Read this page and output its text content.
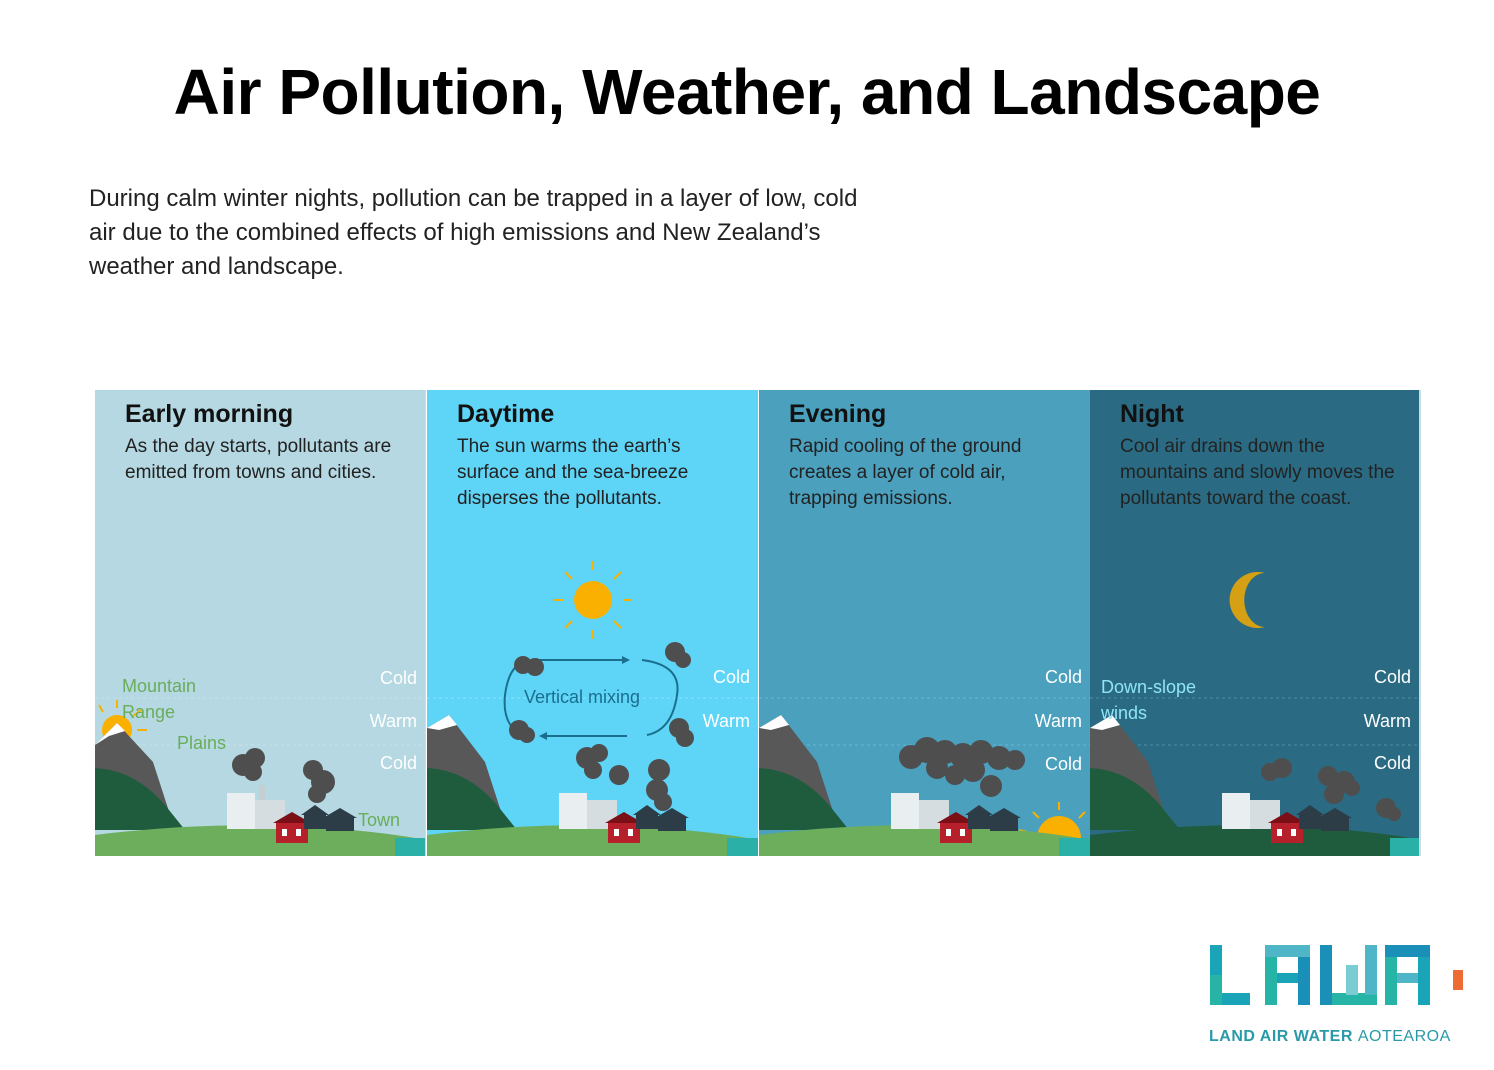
Air Pollution, Weather, and Landscape
During calm winter nights, pollution can be trapped in a layer of low, cold air due to the combined effects of high emissions and New Zealand’s weather and landscape.
Early morning
As the day starts, pollutants are emitted from towns and cities.
Cold
Warm
Cold
Mountain Range
Plains
Town
Daytime
The sun warms the earth’s surface and the sea-breeze disperses the pollutants.
Vertical mixing
Cold
Warm
Evening
Rapid cooling of the ground creates a layer of cold air, trapping emissions.
Cold
Warm
Cold
Night
Cool air drains down the mountains and slowly moves the pollutants toward the coast.
Down-slope winds
Cold
Warm
Cold
LAND AIR WATER AOTEAROA
